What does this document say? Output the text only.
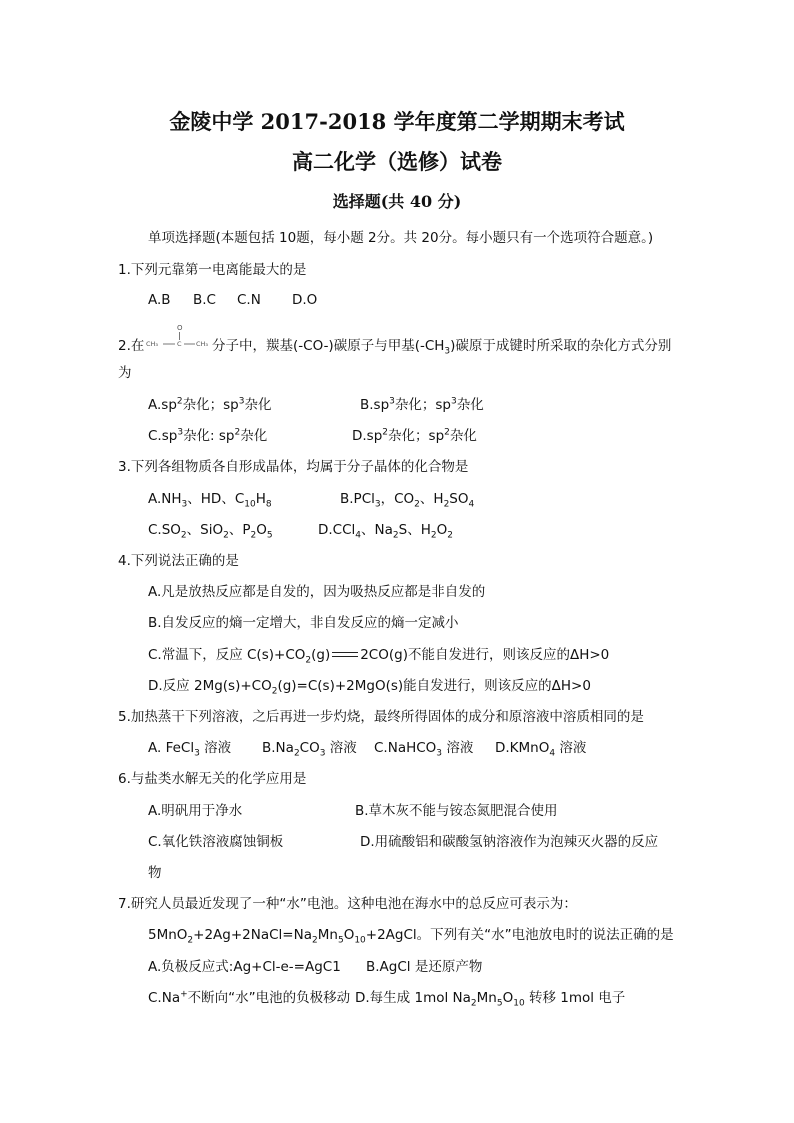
金陵中学 2017-2018 学年度第二学期期末考试
高二化学（选修）试卷
选择题(共 40 分)
单项选择题(本题包括 10题，每小题 2分。共 20分。每小题只有一个选项符合题意。)
1.下列元靠第一电离能最大的是
A.B B.C C.N D.O
2.在
O
CH₃	C CH₃ 分子中，羰基(-CO-)碳原子与甲基$(-CH_3)$碳原于成键时所采取的杂化方式分别
为
$A.sp^2$杂化；$sp^3$杂化	$B.sp^3$杂化；$sp^3$杂化
$C.sp^3$杂化: $sp^2$杂化	$D.sp^2$杂化；$sp^2$杂化
3.下列各组物质各自形成晶体，均属于分子晶体的化合物是
$A.NH_3$、HD、$C_{10}H_8$	B.PCl$_3$，$CO_2$、$H_2SO_4$
$C.SO_2$、SiO$_2$、$P_2O_5$	D.CCl$_4$、$Na_2S$、$H_2O_2$
4.下列说法正确的是
A.凡是放热反应都是自发的，因为吸热反应都是非自发的
B.自发反应的熵一定增大，非自发反应的熵一定减小
C.常温下，反应 $C(s)+CO_2(g)$ 2CO(g)不能自发进行，则该反应的ΔH>0
D.反应 $2Mg(s)+CO_2(g)=C(s)+2MgO(s)$能自发进行，则该反应的ΔH>0
5.加热蒸干下列溶液，之后再进一步灼烧，最终所得固体的成分和原溶液中溶质相同的是
A. FeCl$_3$ 溶液 $B.Na_2CO_3$ 溶液 C.NaHCO$_3$ 溶液 D.KMnO$_4$ 溶液
6.与盐类水解无关的化学应用是
A.明矾用于净水	B.草木灰不能与铵态氮肥混合使用
C.氧化铁溶液腐蚀铜板	D.用硫酸铝和碳酸氢钠溶液作为泡辣灭火器的反应
物
7.研究人员最近发现了一种“水”电池。这种电池在海水中的总反应可表示为：
$5MnO_2+2Ag+2NaCl=Na_2Mn_5O_{10}+2AgCl$。下列有关“水”电池放电时的说法正确的是
A.负极反应式:Ag+Cl-e-=AgC1 B.AgCl 是还原产物
C.Na+不断向“水”电池的负极移动 D.每生成 1mol $Na_2Mn_5O_{10}$ 转移 1mol 电子
